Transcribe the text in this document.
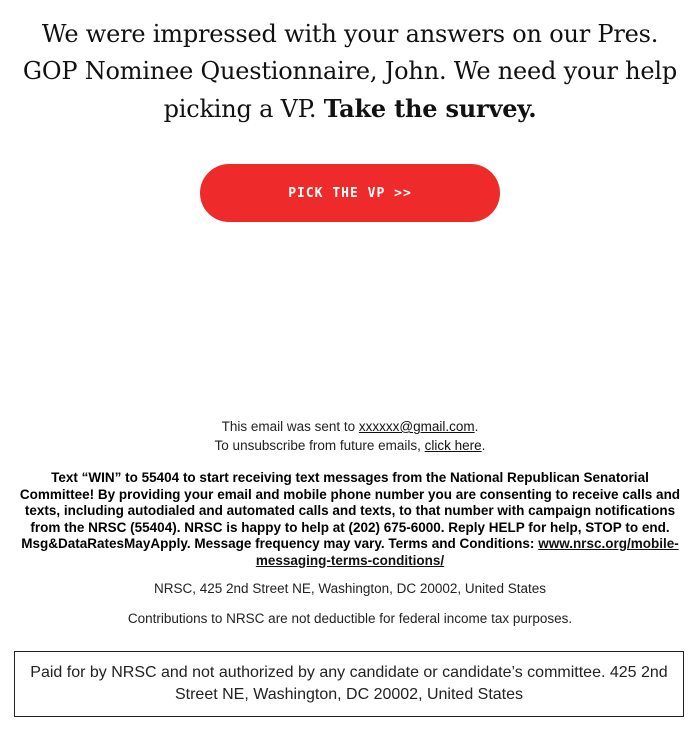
We were impressed with your answers on our Pres. GOP Nominee Questionnaire, John. We need your help picking a VP. Take the survey.
PICK THE VP >>
This email was sent to xxxxxx@gmail.com.
To unsubscribe from future emails, click here.
Text “WIN” to 55404 to start receiving text messages from the National Republican Senatorial Committee! By providing your email and mobile phone number you are consenting to receive calls and texts, including autodialed and automated calls and texts, to that number with campaign notifications from the NRSC (55404). NRSC is happy to help at (202) 675-6000. Reply HELP for help, STOP to end. Msg&DataRatesMayApply. Message frequency may vary. Terms and Conditions: www.nrsc.org/mobile-messaging-terms-conditions/
NRSC, 425 2nd Street NE, Washington, DC 20002, United States
Contributions to NRSC are not deductible for federal income tax purposes.
Paid for by NRSC and not authorized by any candidate or candidate’s committee. 425 2nd Street NE, Washington, DC 20002, United States
